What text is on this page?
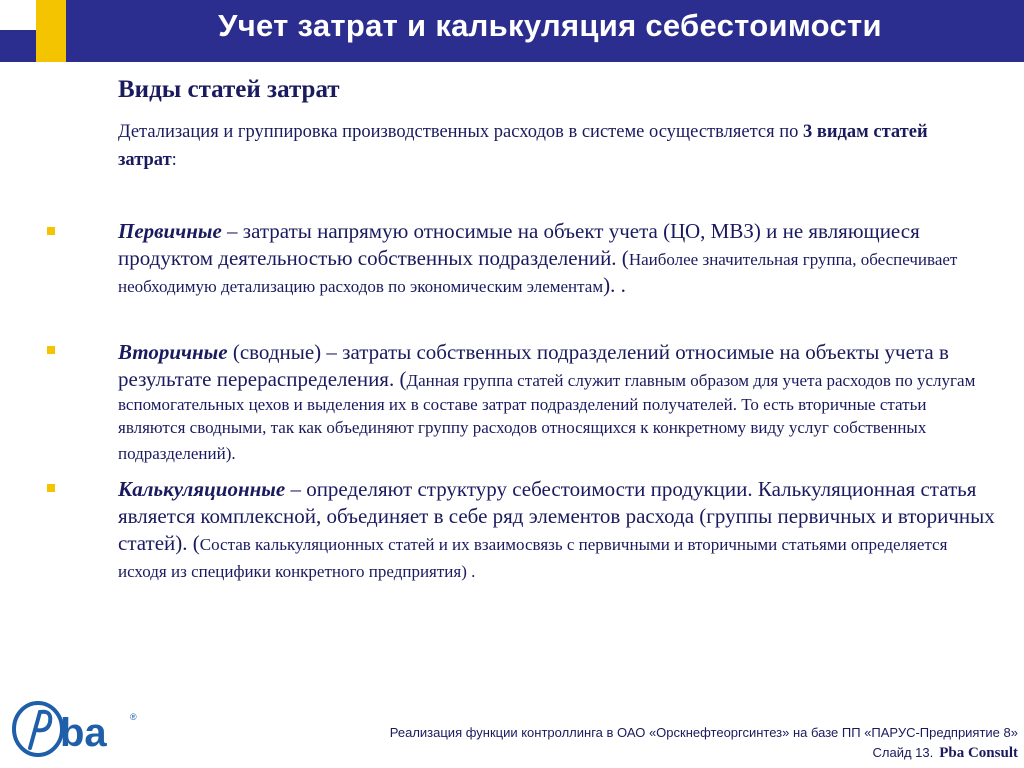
Учет затрат и калькуляция себестоимости
Виды статей затрат
Детализация и группировка производственных расходов в системе осуществляется по 3 видам статей затрат:
Первичные – затраты напрямую относимые на объект учета (ЦО, МВЗ) и не являющиеся продуктом деятельностью собственных подразделений. (Наиболее значительная группа, обеспечивает необходимую детализацию расходов по экономическим элементам). .
Вторичные (сводные) – затраты собственных подразделений относимые на объекты учета в результате перераспределения. (Данная группа статей служит главным образом для учета расходов по услугам вспомогательных цехов и выделения их в составе затрат подразделений получателей. То есть вторичные статьи являются сводными, так как объединяют группу расходов относящихся к конкретному виду услуг собственных подразделений).
Калькуляционные – определяют структуру себестоимости продукции. Калькуляционная статья является комплексной, объединяет в себе ряд элементов расхода (группы первичных и вторичных статей). (Состав калькуляционных статей и их взаимосвязь с первичными и вторичными статьями определяется исходя из специфики конкретного предприятия) .
ba	®
Реализация функции контроллинга в ОАО «Орскнефтеоргсинтез» на базе ПП «ПАРУС-Предприятие 8»
Слайд 13. Pba Consult
